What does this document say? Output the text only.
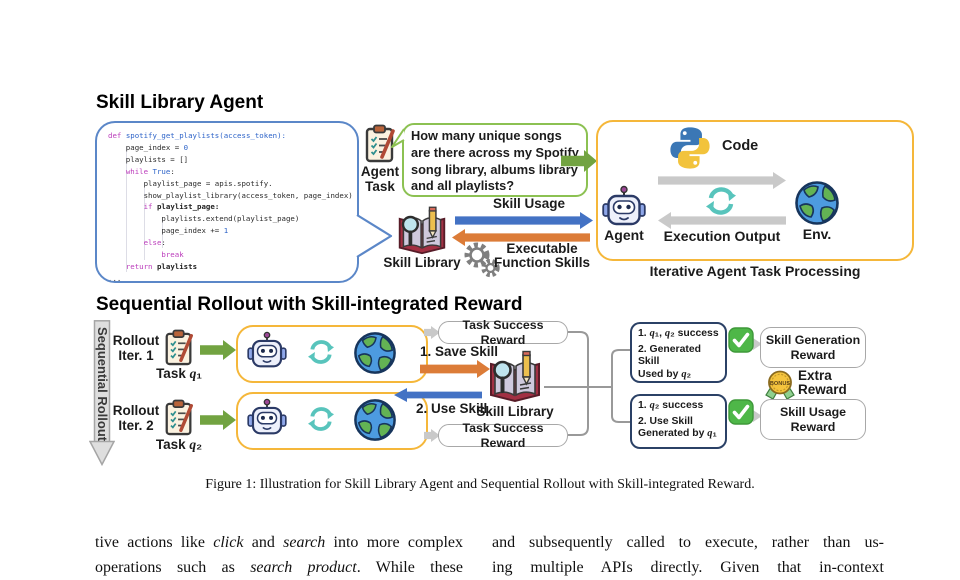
Skill Library Agent
def spotify_get_playlists(access_token):
page_index = 0
playlists = []
while True:
playlist_page = apis.spotify.
show_playlist_library(access_token, page_index)
if playlist_page:
playlists.extend(playlist_page)
page_index += 1
else:
break
return playlists
...
Agent
Task
How many unique songs
are there across my Spotify
song library, albums library
and all playlists?
Skill Library
Skill Usage
Executable
Function Skills
Code
Agent	Env.
Execution Output
Iterative Agent Task Processing
Sequential Rollout with Skill-integrated Reward
Sequential Rollout Rollout
Iter. 1
Task q₁
Rollout
Iter. 2
Task q₂
Task Success Reward
Task Success Reward
1. Save Skill
2. Use Skill
Skill Library
1. q₁, q₂ success
2. Generated Skill
Used by q₂
1. q₂ success
2. Use Skill
Generated by q₁
Skill Generation
Reward
Extra
Reward
Skill Usage
Reward
Figure 1: Illustration for Skill Library Agent and Sequential Rollout with Skill-integrated Reward.
tive actions like click and search into more complex
operations such as search product. While these
and subsequently called to execute, rather than us-
ing multiple APIs directly. Given that in-context
